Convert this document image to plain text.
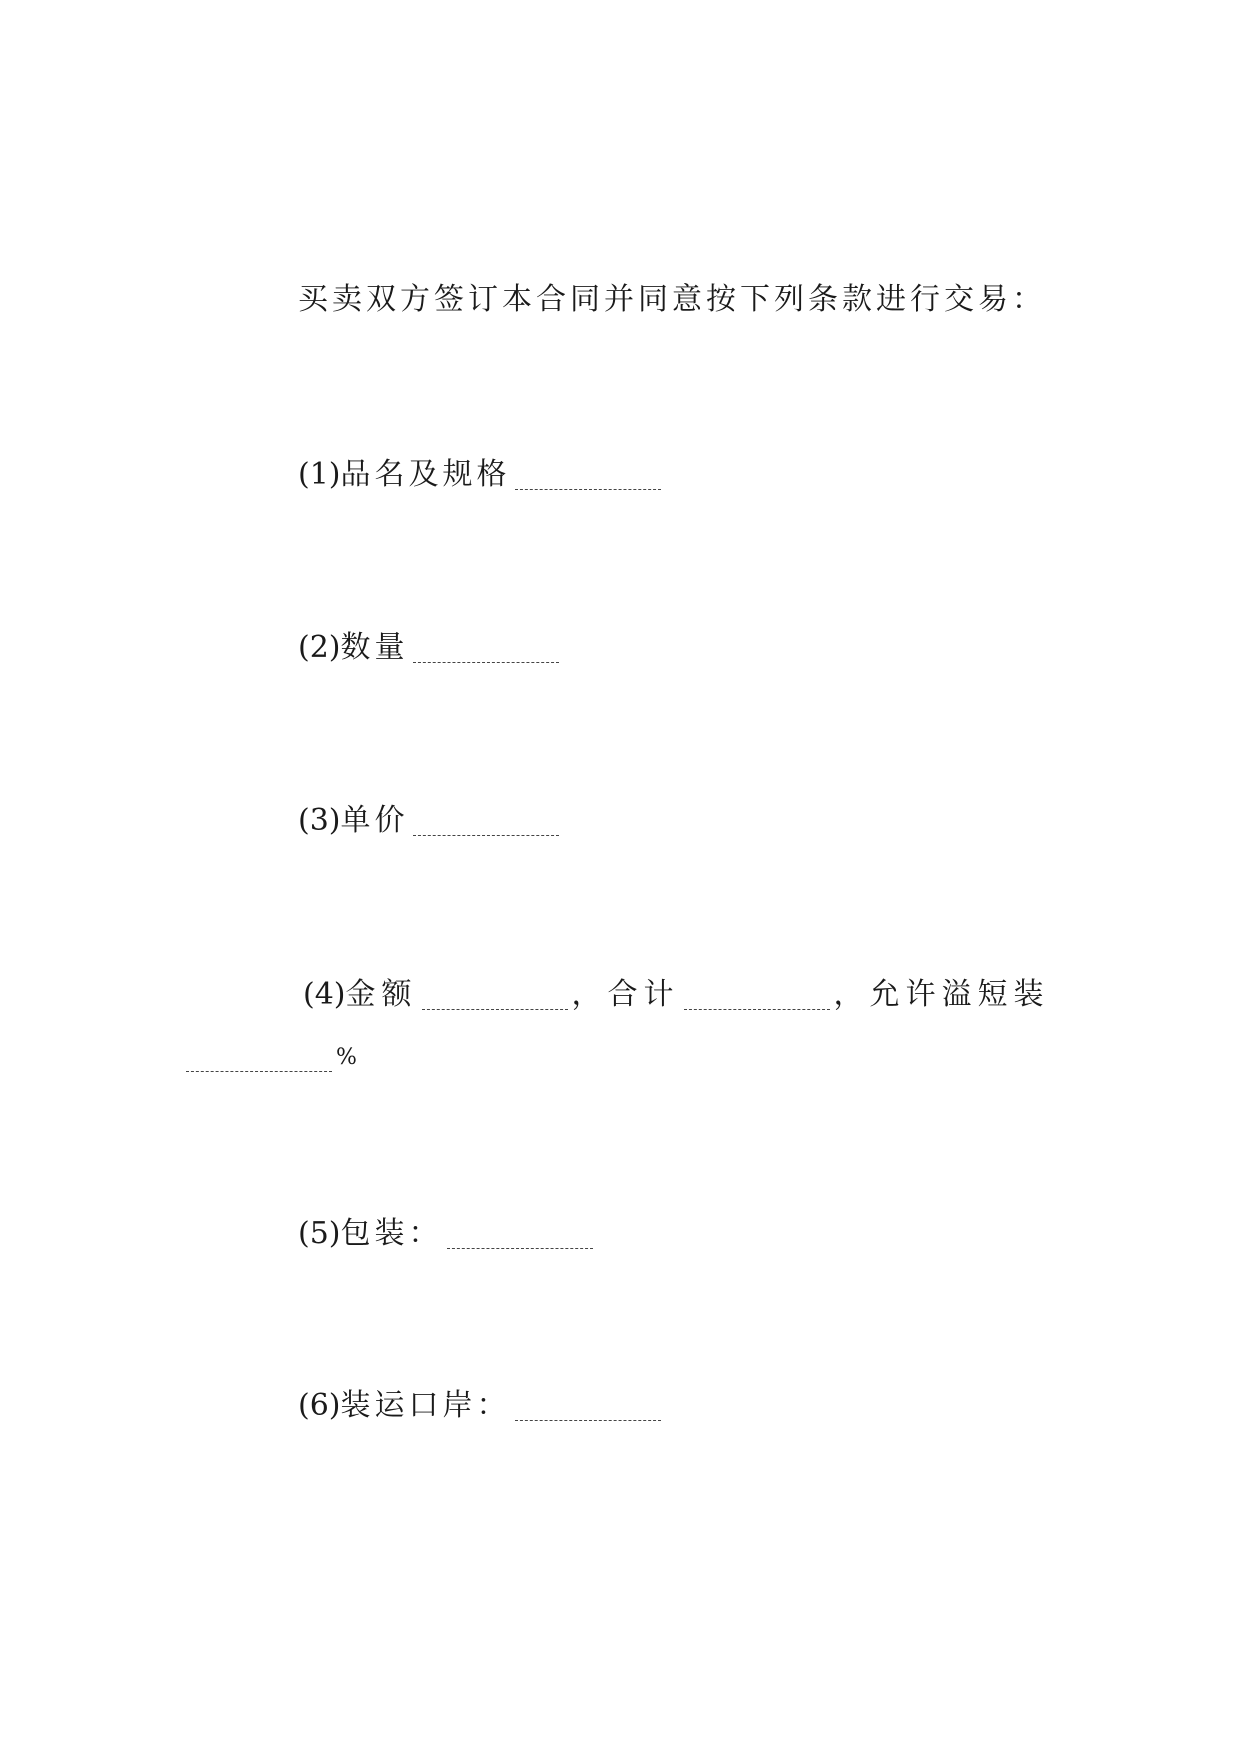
买卖双方签订本合同并同意按下列条款进行交易：
(1)品名及规格
(2)数量
(3)单价
(4)金额	，合计	，允许溢短装
%
(5)包装：
(6)装运口岸：
